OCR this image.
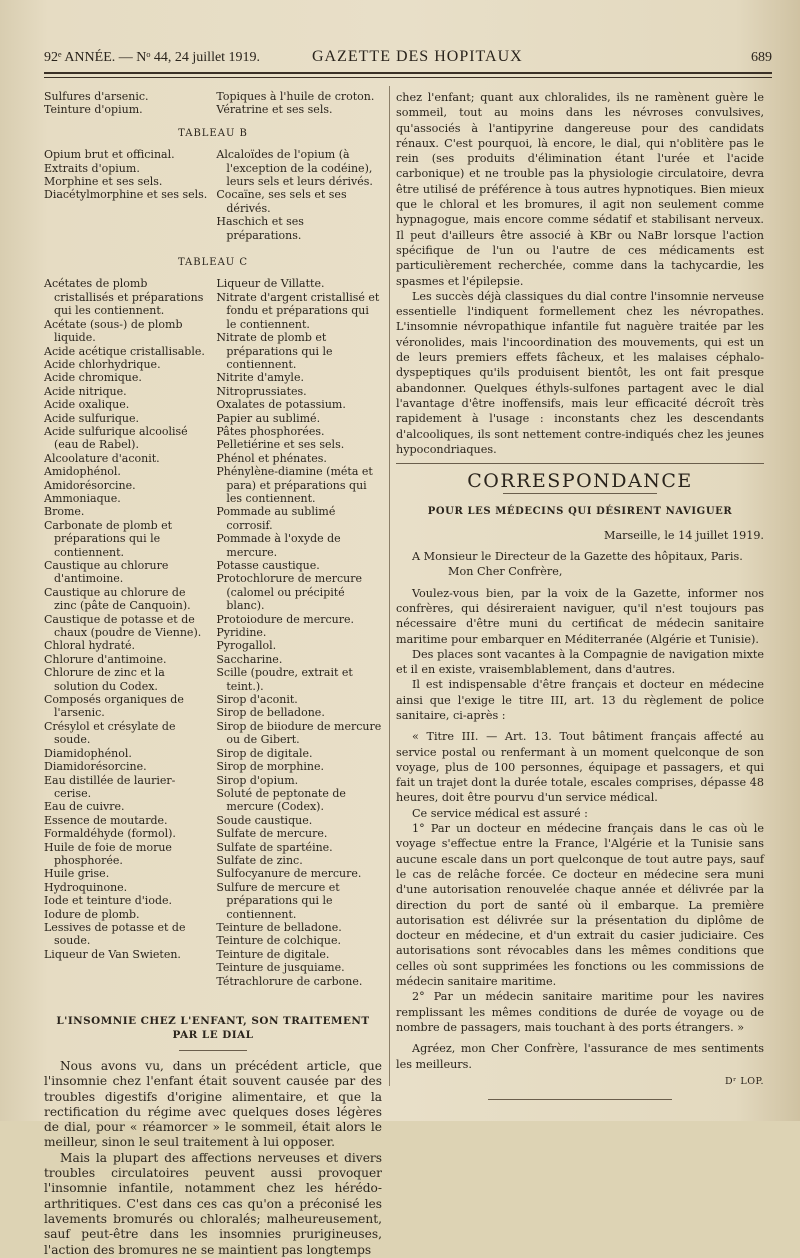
92ᵉ ANNÉE. — Nᵒ 44, 24 juillet 1919.	GAZETTE DES HOPITAUX	689
Sulfures d'arsenic.
Teinture d'opium.
Topiques à l'huile de croton.
Vératrine et ses sels.
TABLEAU B
Opium brut et officinal.
Extraits d'opium.
Morphine et ses sels.
Diacétylmorphine et ses sels.
Alcaloïdes de l'opium (à l'exception de la codéine), leurs sels et leurs dérivés.
Cocaïne, ses sels et ses dérivés.
Haschich et ses préparations.
TABLEAU C
Acétates de plomb cristallisés et préparations qui les contiennent.
Acétate (sous-) de plomb liquide.
Acide acétique cristallisable.
Acide chlorhydrique.
Acide chromique.
Acide nitrique.
Acide oxalique.
Acide sulfurique.
Acide sulfurique alcoolisé (eau de Rabel).
Alcoolature d'aconit.
Amidophénol.
Amidorésorcine.
Ammoniaque.
Brome.
Carbonate de plomb et préparations qui le contiennent.
Caustique au chlorure d'antimoine.
Caustique au chlorure de zinc (pâte de Canquoin).
Caustique de potasse et de chaux (poudre de Vienne).
Chloral hydraté.
Chlorure d'antimoine.
Chlorure de zinc et la solution du Codex.
Composés organiques de l'arsenic.
Crésylol et crésylate de soude.
Diamidophénol.
Diamidorésorcine.
Eau distillée de laurier-cerise.
Eau de cuivre.
Essence de moutarde.
Formaldéhyde (formol).
Huile de foie de morue phosphorée.
Huile grise.
Hydroquinone.
Iode et teinture d'iode.
Iodure de plomb.
Lessives de potasse et de soude.
Liqueur de Van Swieten.
Liqueur de Villatte.
Nitrate d'argent cristallisé et fondu et préparations qui le contiennent.
Nitrate de plomb et préparations qui le contiennent.
Nitrite d'amyle.
Nitroprussiates.
Oxalates de potassium.
Papier au sublimé.
Pâtes phosphorées.
Pelletiérine et ses sels.
Phénol et phénates.
Phénylène-diamine (méta et para) et préparations qui les contiennent.
Pommade au sublimé corrosif.
Pommade à l'oxyde de mercure.
Potasse caustique.
Protochlorure de mercure (calomel ou précipité blanc).
Protoiodure de mercure.
Pyridine.
Pyrogallol.
Saccharine.
Scille (poudre, extrait et teint.).
Sirop d'aconit.
Sirop de belladone.
Sirop de biiodure de mercure ou de Gibert.
Sirop de digitale.
Sirop de morphine.
Sirop d'opium.
Soluté de peptonate de mercure (Codex).
Soude caustique.
Sulfate de mercure.
Sulfate de spartéine.
Sulfate de zinc.
Sulfocyanure de mercure.
Sulfure de mercure et préparations qui le contiennent.
Teinture de belladone.
Teinture de colchique.
Teinture de digitale.
Teinture de jusquiame.
Tétrachlorure de carbone.
L'INSOMNIE CHEZ L'ENFANT, SON TRAITEMENT PAR LE DIAL

Nous avons vu, dans un précédent article, que l'insomnie chez l'enfant était souvent causée par des troubles digestifs d'origine alimentaire, et que la rectification du régime avec quelques doses légères de dial, pour « réamorcer » le sommeil, était alors le meilleur, sinon le seul traitement à lui opposer.

Mais la plupart des affections nerveuses et divers troubles circulatoires peuvent aussi provoquer l'insomnie infantile, notamment chez les hérédo-arthritiques. C'est dans ces cas qu'on a préconisé les lavements bromurés ou chloralés; malheureusement, sauf peut-être dans les insomnies prurigineuses, l'action des bromures ne se maintient pas longtemps

chez l'enfant; quant aux chloralides, ils ne ramènent guère le sommeil, tout au moins dans les névroses convulsives, qu'associés à l'antipyrine dangereuse pour des candidats rénaux. C'est pourquoi, là encore, le dial, qui n'oblitère pas le rein (ses produits d'élimination étant l'urée et l'acide carbonique) et ne trouble pas la physiologie circulatoire, devra être utilisé de préférence à tous autres hypnotiques. Bien mieux que le chloral et les bromures, il agit non seulement comme hypnagogue, mais encore comme sédatif et stabilisant nerveux. Il peut d'ailleurs être associé à KBr ou NaBr lorsque l'action spécifique de l'un ou l'autre de ces médicaments est particulièrement recherchée, comme dans la tachycardie, les spasmes et l'épilepsie.

Les succès déjà classiques du dial contre l'insomnie nerveuse essentielle l'indiquent formellement chez les névropathes. L'insomnie névropathique infantile fut naguère traitée par les véronolides, mais l'incoordination des mouvements, qui est un de leurs premiers effets fâcheux, et les malaises céphalo-dyspeptiques qu'ils produisent bientôt, les ont fait presque abandonner. Quelques éthyls-sulfones partagent avec le dial l'avantage d'être inoffensifs, mais leur efficacité décroît très rapidement à l'usage : inconstants chez les descendants d'alcooliques, ils sont nettement contre-indiqués chez les jeunes hypocondriaques.

CORRESPONDANCE
POUR LES MÉDECINS QUI DÉSIRENT NAVIGUER
Marseille, le 14 juillet 1919.

A Monsieur le Directeur de la Gazette des hôpitaux, Paris.

Mon Cher Confrère,

Voulez-vous bien, par la voix de la Gazette, informer nos confrères, qui désireraient naviguer, qu'il n'est toujours pas nécessaire d'être muni du certificat de médecin sanitaire maritime pour embarquer en Méditerranée (Algérie et Tunisie).

Des places sont vacantes à la Compagnie de navigation mixte et il en existe, vraisemblablement, dans d'autres.

Il est indispensable d'être français et docteur en médecine ainsi que l'exige le titre III, art. 13 du règlement de police sanitaire, ci-après :

« Titre III. — Art. 13. Tout bâtiment français affecté au service postal ou renfermant à un moment quelconque de son voyage, plus de 100 personnes, équipage et passagers, et qui fait un trajet dont la durée totale, escales comprises, dépasse 48 heures, doit être pourvu d'un service médical.

Ce service médical est assuré :

1° Par un docteur en médecine français dans le cas où le voyage s'effectue entre la France, l'Algérie et la Tunisie sans aucune escale dans un port quelconque de tout autre pays, sauf le cas de relâche forcée. Ce docteur en médecine sera muni d'une autorisation renouvelée chaque année et délivrée par la direction du port de santé où il embarque. La première autorisation est délivrée sur la présentation du diplôme de docteur en médecine, et d'un extrait du casier judiciaire. Ces autorisations sont révocables dans les mêmes conditions que celles où sont supprimées les fonctions ou les commissions de médecin sanitaire maritime.

2° Par un médecin sanitaire maritime pour les navires remplissant les mêmes conditions de durée de voyage ou de nombre de passagers, mais touchant à des ports étrangers. »

Agréez, mon Cher Confrère, l'assurance de mes sentiments les meilleurs.

Dʳ LOP.
